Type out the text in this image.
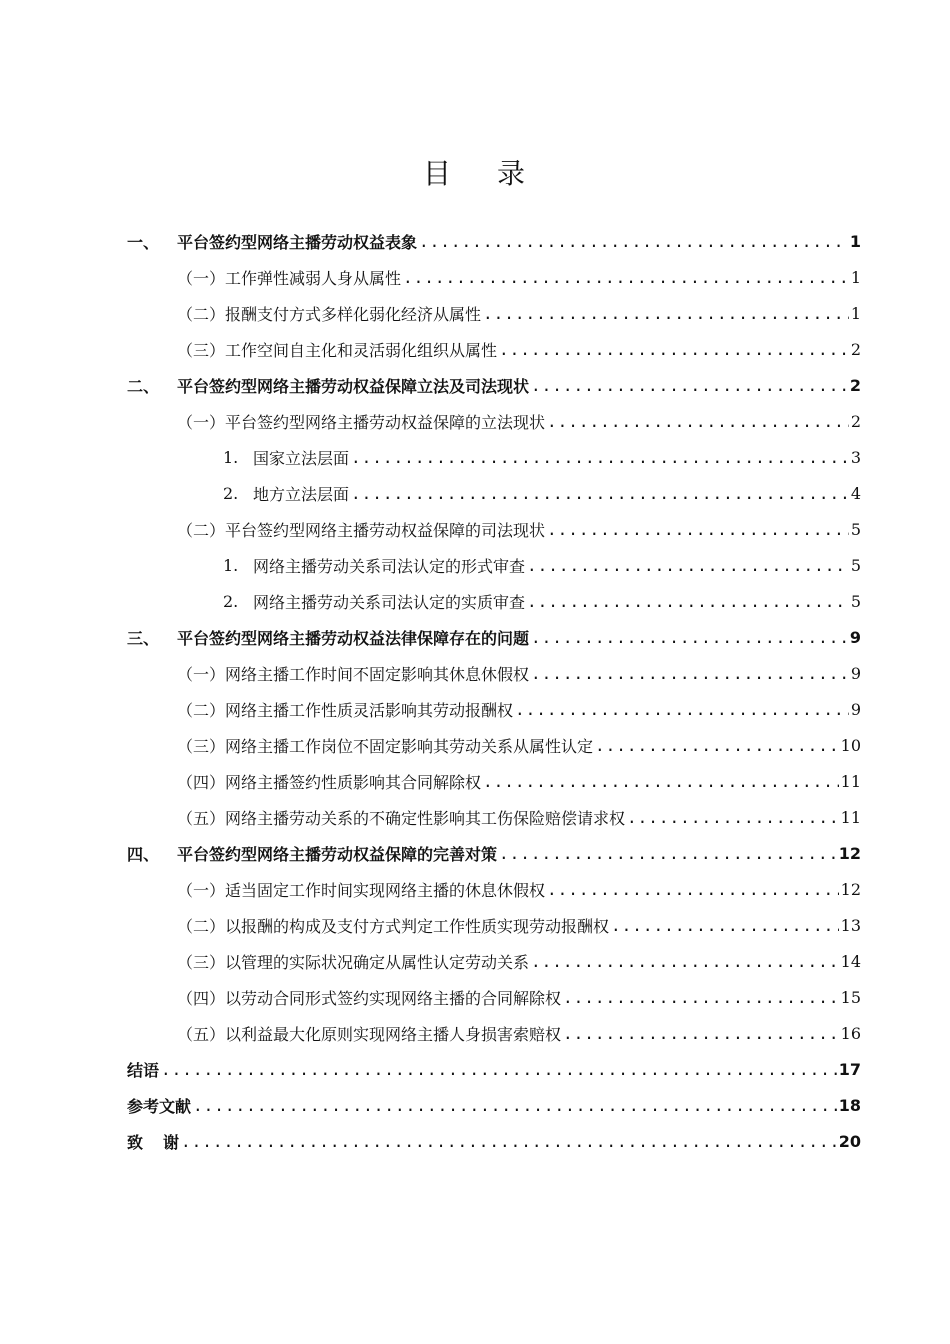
目 录
一、	平台签约型网络主播劳动权益表象 .....	1
（一）工作弹性减弱人身从属性 .....	1
（二）报酬支付方式多样化弱化经济从属性 .....	1
（三）工作空间自主化和灵活弱化组织从属性 .....	2
二、	平台签约型网络主播劳动权益保障立法及司法现状 .....	2
（一）平台签约型网络主播劳动权益保障的立法现状 .....	2
1. 国家立法层面 .....	3
2. 地方立法层面 .....	4
（二）平台签约型网络主播劳动权益保障的司法现状 .....	5
1. 网络主播劳动关系司法认定的形式审查 .....	5
2. 网络主播劳动关系司法认定的实质审查 .....	5
三、	平台签约型网络主播劳动权益法律保障存在的问题 .....	9
（一）网络主播工作时间不固定影响其休息休假权 .....	9
（二）网络主播工作性质灵活影响其劳动报酬权 .....	9
（三）网络主播工作岗位不固定影响其劳动关系从属性认定 .....	10
（四）网络主播签约性质影响其合同解除权 .....	11
（五）网络主播劳动关系的不确定性影响其工伤保险赔偿请求权 .....	11
四、	平台签约型网络主播劳动权益保障的完善对策 .....	12
（一）适当固定工作时间实现网络主播的休息休假权 .....	12
（二）以报酬的构成及支付方式判定工作性质实现劳动报酬权 .....	13
（三）以管理的实际状况确定从属性认定劳动关系 .....	14
（四）以劳动合同形式签约实现网络主播的合同解除权 .....	15
（五）以利益最大化原则实现网络主播人身损害索赔权 .....	16
结语 .....	17
参考文献 .....	18
致 谢 .....	20
